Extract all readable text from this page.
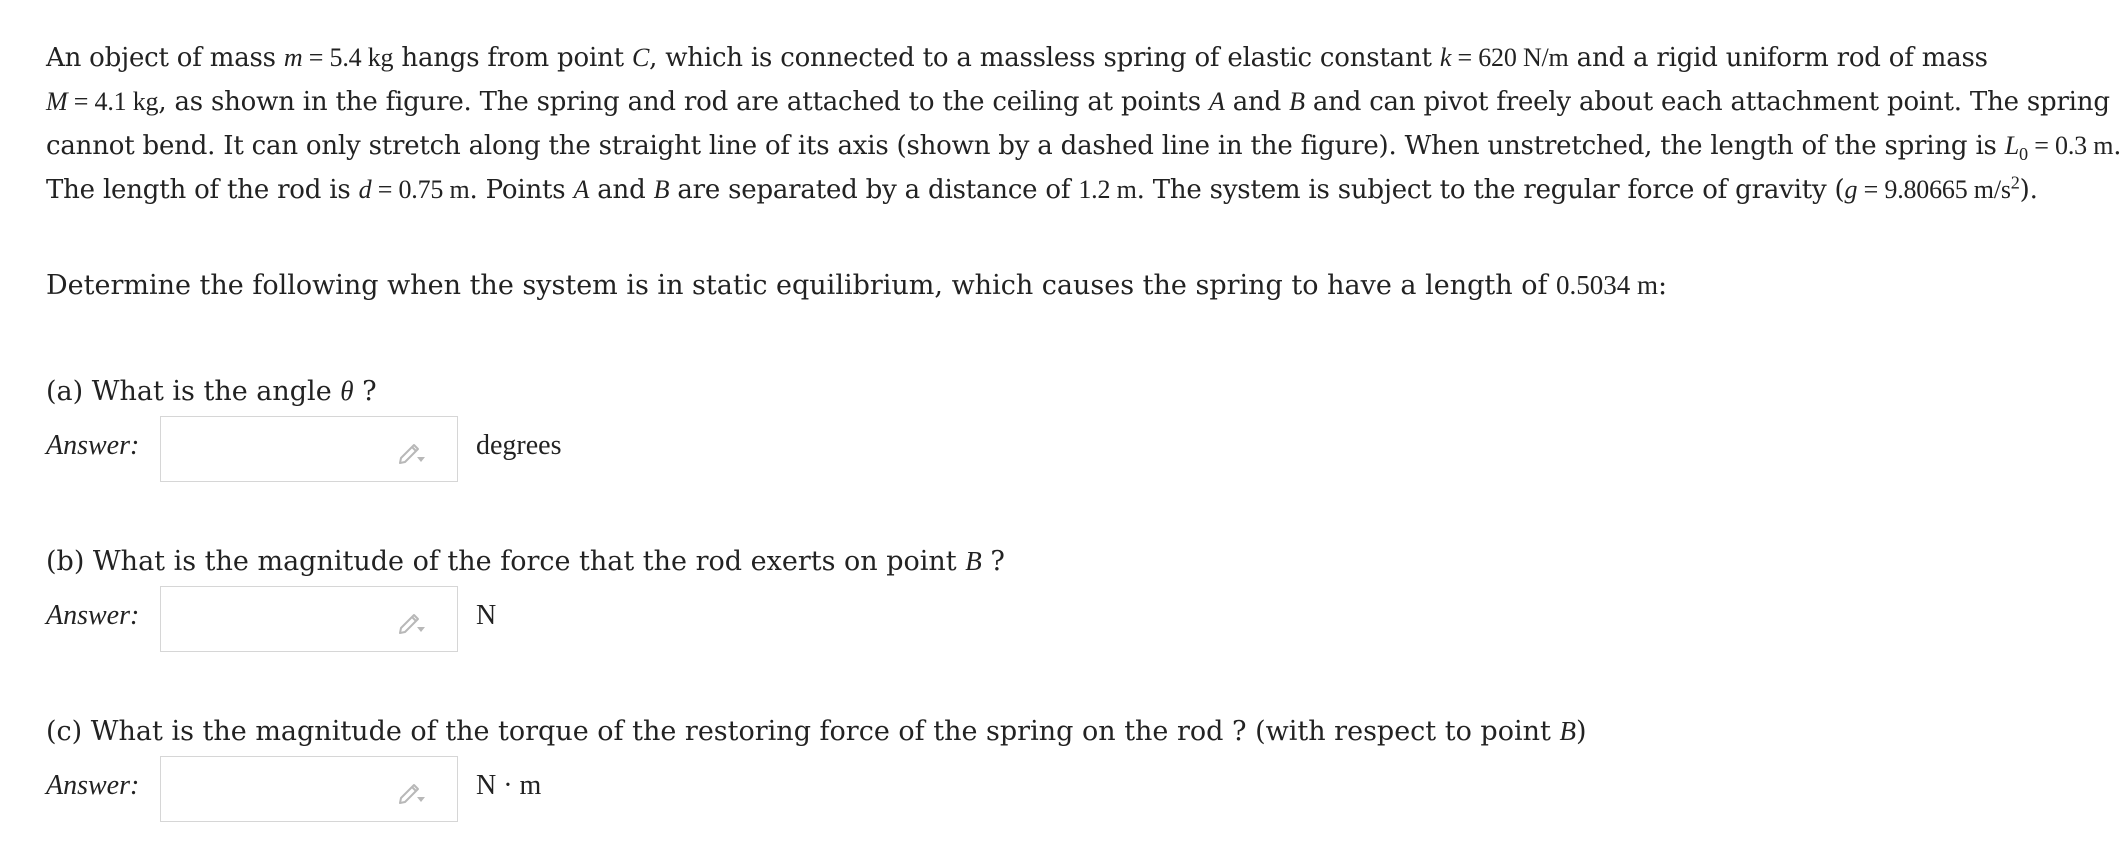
An object of mass m = 5.4 kg hangs from point C, which is connected to a massless spring of elastic constant k = 620 N/m and a rigid uniform rod of mass
M = 4.1 kg, as shown in the figure. The spring and rod are attached to the ceiling at points A and B and can pivot freely about each attachment point. The spring
cannot bend. It can only stretch along the straight line of its axis (shown by a dashed line in the figure). When unstretched, the length of the spring is $L_0 = 0.3$ m.
The length of the rod is d = 0.75 m. Points A and B are separated by a distance of 1.2 m. The system is subject to the regular force of gravity (g = 9.80665 $m/s^2$).

Determine the following when the system is in static equilibrium, which causes the spring to have a length of 0.5034 m:
(a) What is the angle θ ?
Answer:	degrees
(b) What is the magnitude of the force that the rod exerts on point B ?
Answer:	N
(c) What is the magnitude of the torque of the restoring force of the spring on the rod ? (with respect to point B)
Answer:	N · m
